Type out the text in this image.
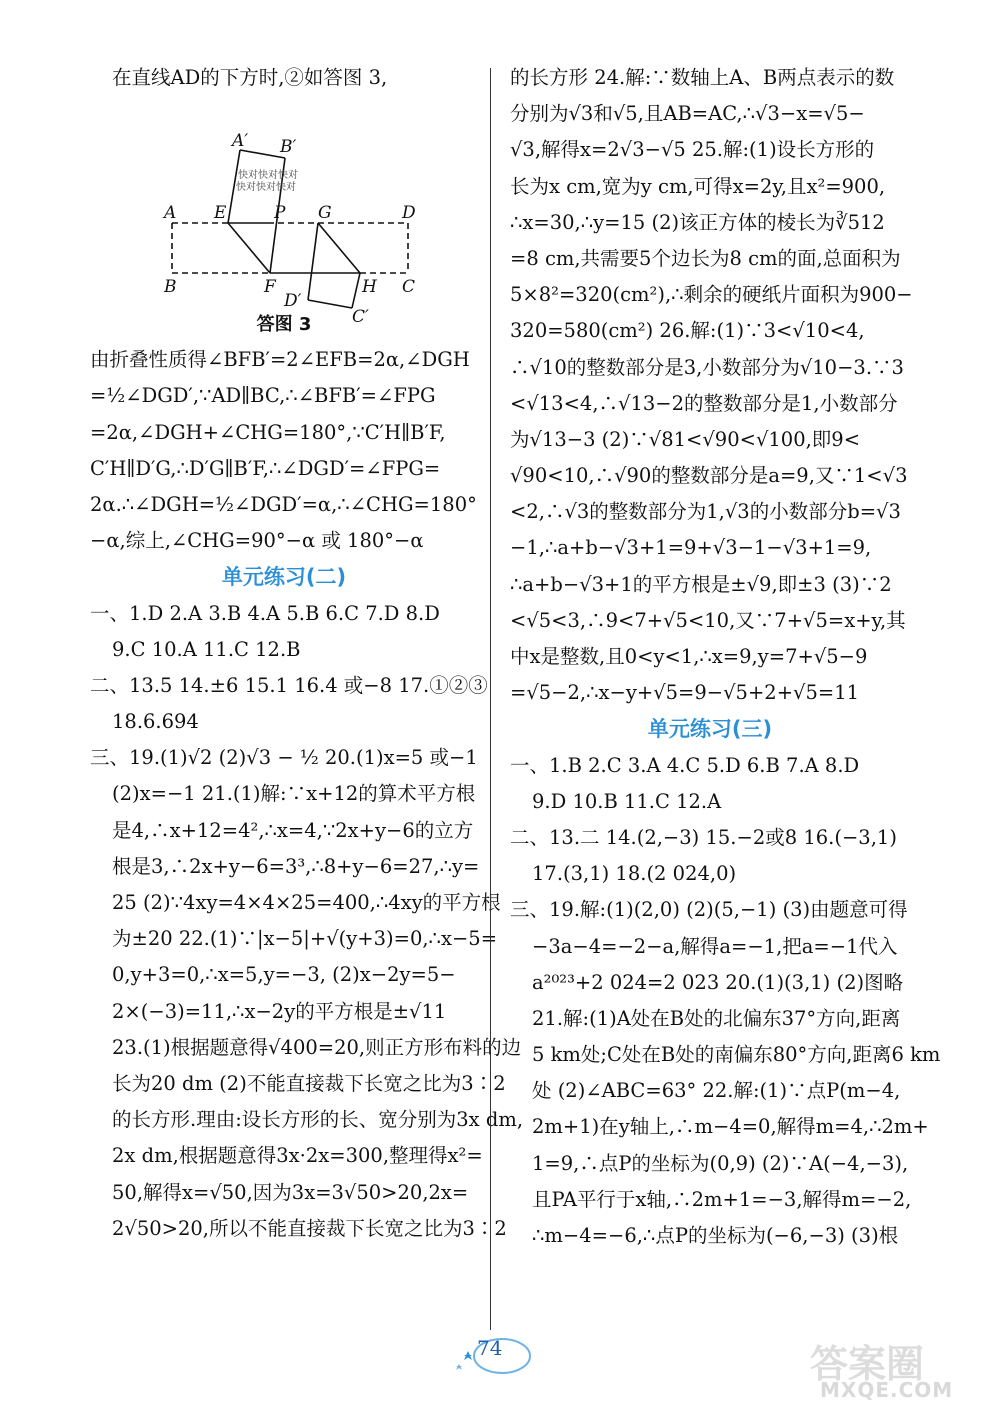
在直线AD的下方时,②如答图 3,
A
B	C
D
E
F
G
H
P
A′ B′
D′
C′
快对快对快对
快对快对快对
答图 3
由折叠性质得∠BFB′=2∠EFB=2α,∠DGH
=½∠DGD′,∵AD∥BC,∴∠BFB′=∠FPG
=2α,∠DGH+∠CHG=180°,∵C′H∥B′F,
C′H∥D′G,∴D′G∥B′F,∴∠DGD′=∠FPG=
2α.∴∠DGH=½∠DGD′=α,∴∠CHG=180°
−α,综上,∠CHG=90°−α 或 180°−α
单元练习(二)
一、1.D 2.A 3.B 4.A 5.B 6.C 7.D 8.D
9.C 10.A 11.C 12.B
二、13.5 14.±6 15.1 16.4 或−8 17.①②③
18.6.694
三、19.(1)√2 (2)√3 − ½ 20.(1)x=5 或−1
(2)x=−1 21.(1)解:∵x+12的算术平方根
是4,∴x+12=4²,∴x=4,∵2x+y−6的立方
根是3,∴2x+y−6=3³,∴8+y−6=27,∴y=
25 (2)∵4xy=4×4×25=400,∴4xy的平方根
为±20 22.(1)∵|x−5|+√(y+3)=0,∴x−5=
0,y+3=0,∴x=5,y=−3, (2)x−2y=5−
2×(−3)=11,∴x−2y的平方根是±√11
23.(1)根据题意得√400=20,则正方形布料的边
长为20 dm (2)不能直接裁下长宽之比为3∶2
的长方形.理由:设长方形的长、宽分别为3x dm,
2x dm,根据题意得3x·2x=300,整理得x²=
50,解得x=√50,因为3x=3√50>20,2x=
2√50>20,所以不能直接裁下长宽之比为3∶2
的长方形 24.解:∵数轴上A、B两点表示的数
分别为√3和√5,且AB=AC,∴√3−x=√5−
√3,解得x=2√3−√5 25.解:(1)设长方形的
长为x cm,宽为y cm,可得x=2y,且x²=900,
∴x=30,∴y=15 (2)该正方体的棱长为∛512
=8 cm,共需要5个边长为8 cm的面,总面积为
5×8²=320(cm²),∴剩余的硬纸片面积为900−
320=580(cm²) 26.解:(1)∵3<√10<4,
∴√10的整数部分是3,小数部分为√10−3.∵3
<√13<4,∴√13−2的整数部分是1,小数部分
为√13−3 (2)∵√81<√90<√100,即9<
√90<10,∴√90的整数部分是a=9,又∵1<√3
<2,∴√3的整数部分为1,√3的小数部分b=√3
−1,∴a+b−√3+1=9+√3−1−√3+1=9,
∴a+b−√3+1的平方根是±√9,即±3 (3)∵2
<√5<3,∴9<7+√5<10,又∵7+√5=x+y,其
中x是整数,且0<y<1,∴x=9,y=7+√5−9
=√5−2,∴x−y+√5=9−√5+2+√5=11
单元练习(三)
一、1.B 2.C 3.A 4.C 5.D 6.B 7.A 8.D
9.D 10.B 11.C 12.A
二、13.二 14.(2,−3) 15.−2或8 16.(−3,1)
17.(3,1) 18.(2 024,0)
三、19.解:(1)(2,0) (2)(5,−1) (3)由题意可得
−3a−4=−2−a,解得a=−1,把a=−1代入
a²⁰²³+2 024=2 023 20.(1)(3,1) (2)图略
21.解:(1)A处在B处的北偏东37°方向,距离
5 km处;C处在B处的南偏东80°方向,距离6 km
处 (2)∠ABC=63° 22.解:(1)∵点P(m−4,
2m+1)在y轴上,∴m−4=0,解得m=4,∴2m+
1=9,∴点P的坐标为(0,9) (2)∵A(−4,−3),
且PA平行于x轴,∴2m+1=−3,解得m=−2,
∴m−4=−6,∴点P的坐标为(−6,−3) (3)根
74	答案圈
MXQE.COM
